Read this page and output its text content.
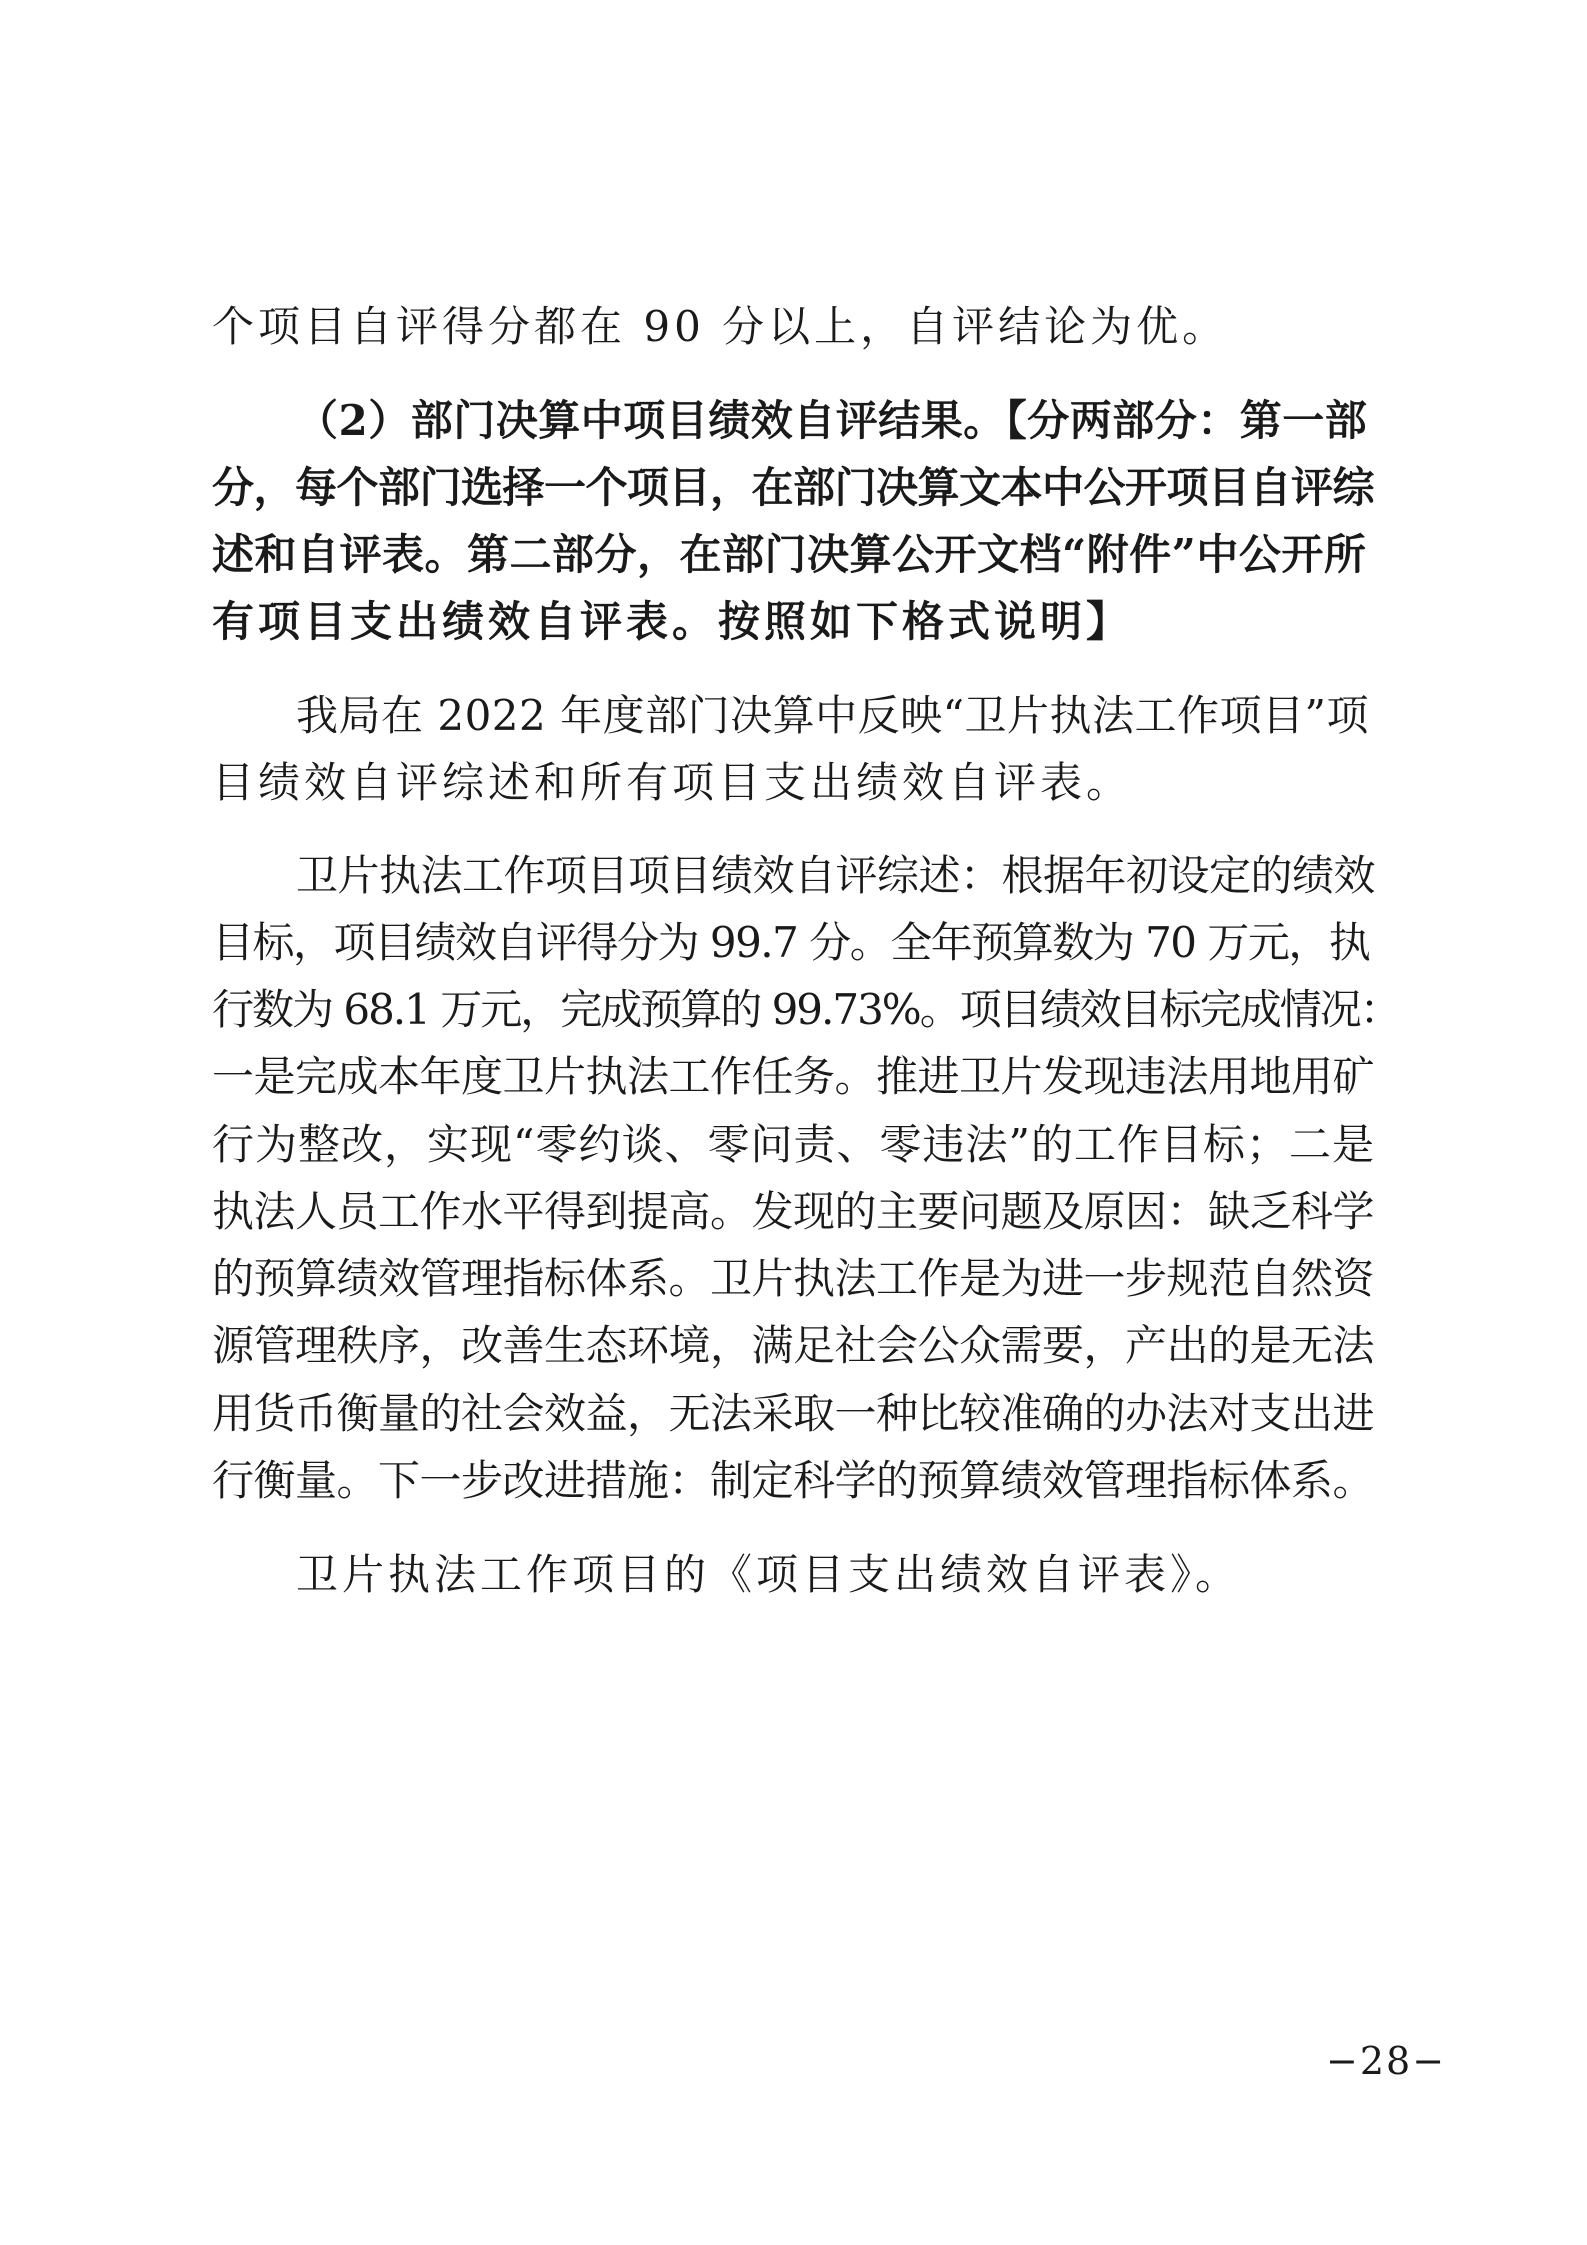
个项目自评得分都在 90 分以上，自评结论为优。
（2）部门决算中项目绩效自评结果。【分两部分：第一部
分，每个部门选择一个项目，在部门决算文本中公开项目自评综
述和自评表。第二部分，在部门决算公开文档“附件”中公开所
有项目支出绩效自评表。按照如下格式说明】
我局在 2022 年度部门决算中反映“卫片执法工作项目”项
目绩效自评综述和所有项目支出绩效自评表。
卫片执法工作项目项目绩效自评综述：根据年初设定的绩效
目标，项目绩效自评得分为 99.7 分。全年预算数为 70 万元，执
行数为 68.1 万元，完成预算的 99.73%。项目绩效目标完成情况：
一是完成本年度卫片执法工作任务。推进卫片发现违法用地用矿
行为整改，实现“零约谈、零问责、零违法”的工作目标；二是
执法人员工作水平得到提高。发现的主要问题及原因：缺乏科学
的预算绩效管理指标体系。卫片执法工作是为进一步规范自然资
源管理秩序，改善生态环境，满足社会公众需要，产出的是无法
用货币衡量的社会效益，无法采取一种比较准确的办法对支出进
行衡量。下一步改进措施：制定科学的预算绩效管理指标体系。
卫片执法工作项目的《项目支出绩效自评表》。
−28−
